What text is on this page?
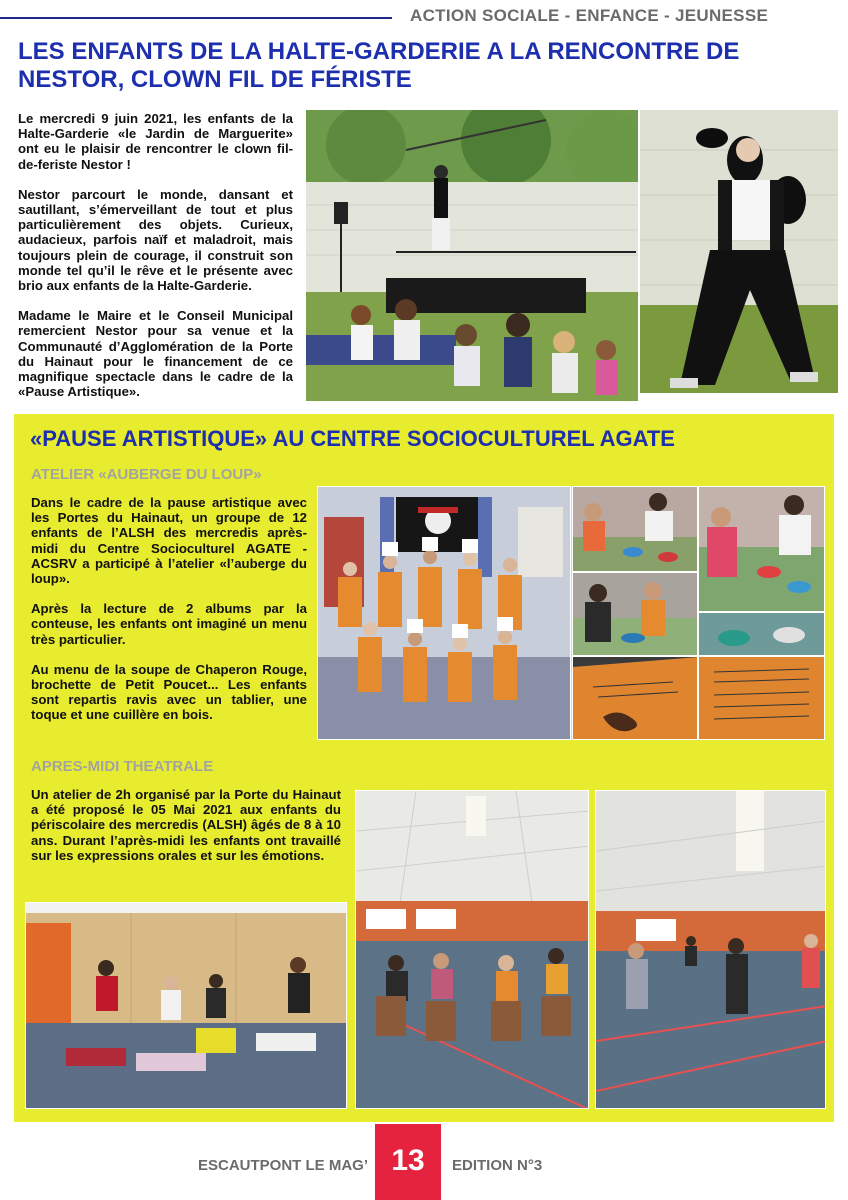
ACTION SOCIALE - ENFANCE - JEUNESSE
LES ENFANTS DE LA HALTE-GARDERIE A LA RENCONTRE DE NESTOR, CLOWN FIL DE FÉRISTE

Le mercredi 9 juin 2021, les enfants de la Halte-Garderie «le Jardin de Marguerite» ont eu le plaisir de rencontrer le clown fil-de-feriste Nestor !

Nestor parcourt le monde, dansant et sautillant, s’émerveillant de tout et plus particulièrement des objets. Curieux, audacieux, parfois naïf et maladroit, mais toujours plein de courage, il construit son monde tel qu’il le rêve et le présente avec brio aux enfants de la Halte-Garderie.

Madame le Maire et le Conseil Municipal remercient Nestor pour sa venue et la Communauté d’Agglomération de la Porte du Hainaut pour le financement de ce magnifique spectacle dans le cadre de la «Pause Artistique».

«PAUSE ARTISTIQUE» AU CENTRE SOCIOCULTUREL AGATE
ATELIER «AUBERGE DU LOUP»

Dans le cadre de la pause artistique avec les Portes du Hainaut, un groupe de 12 enfants de l’ALSH des mercredis après-midi du Centre Socioculturel AGATE - ACSRV a participé à l’atelier «l’auberge du loup».

Après la lecture de 2 albums par la conteuse, les enfants ont imaginé un menu très particulier.

Au menu de la soupe de Chaperon Rouge, brochette de Petit Poucet... Les enfants sont repartis ravis avec un tablier, une toque et une cuillère en bois.

APRES-MIDI THEATRALE

Un atelier de 2h organisé par la Porte du Hainaut a été proposé le 05 Mai 2021 aux enfants du périscolaire des mercredis (ALSH) âgés de 8 à 10 ans. Durant l’après-midi les enfants ont travaillé sur les expressions orales et sur les émotions.

ESCAUTPONT LE MAG’ 13	EDITION N°3
